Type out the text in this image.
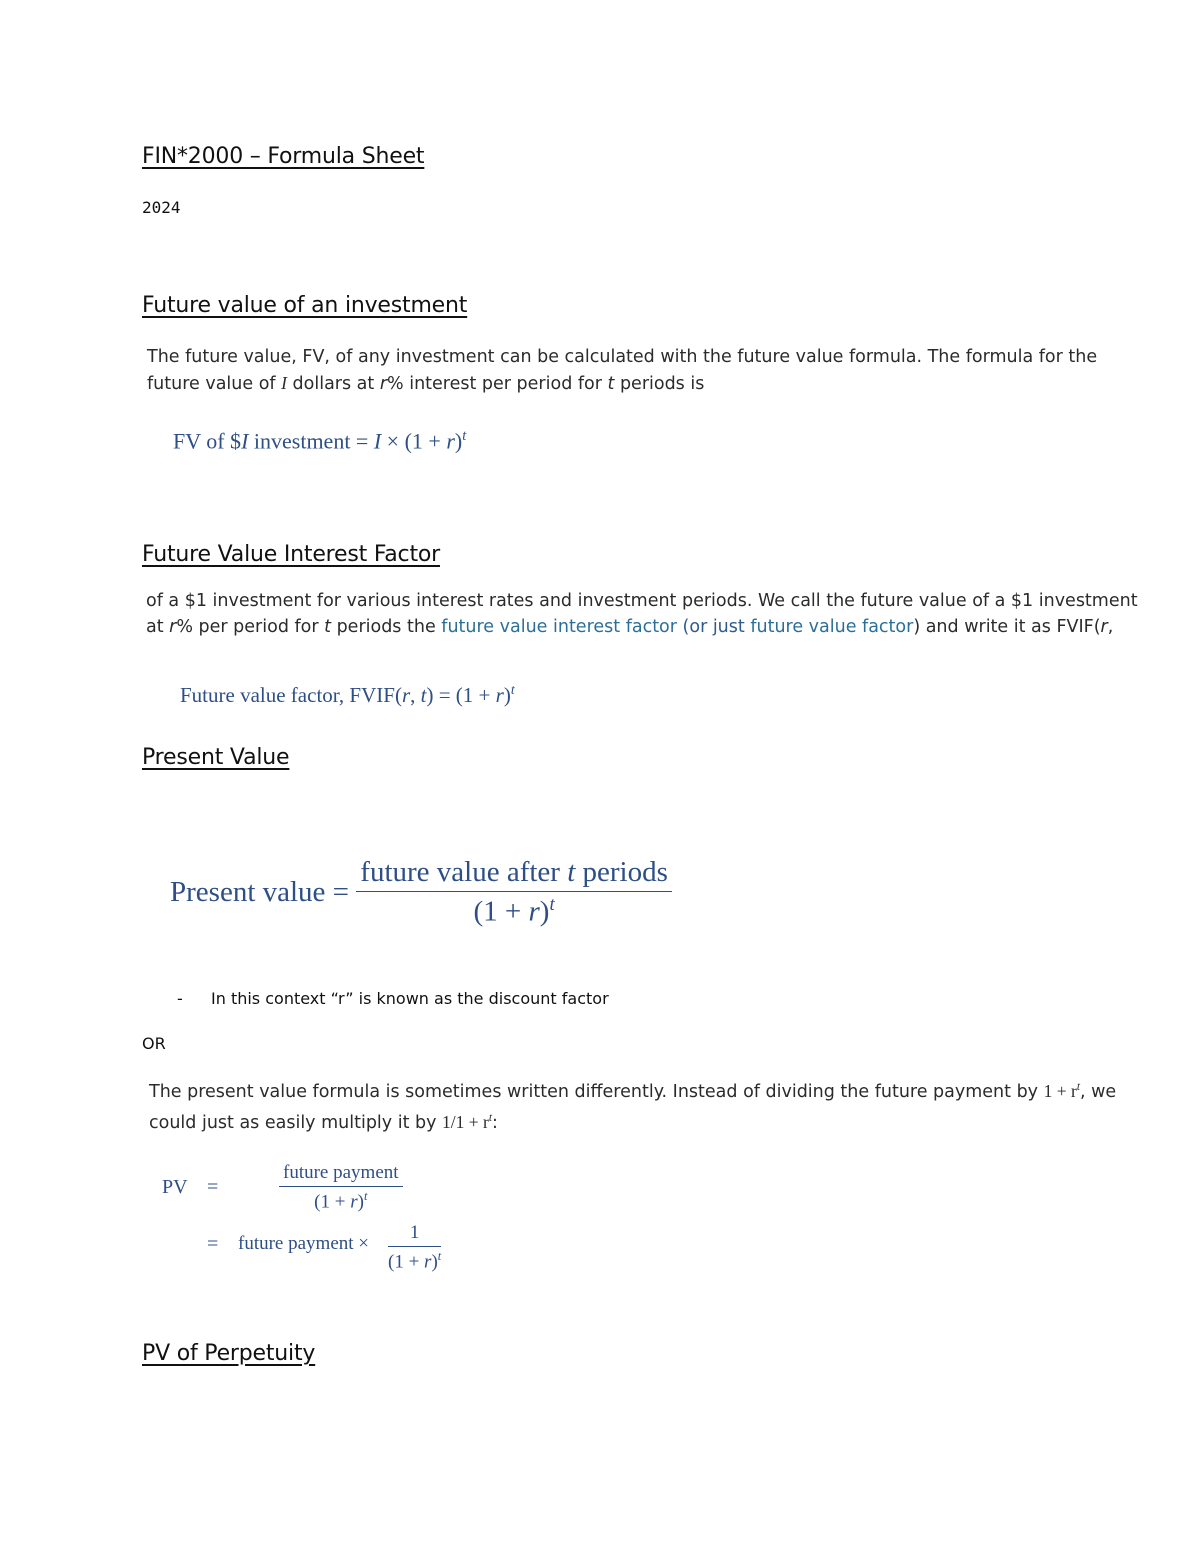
FIN*2000 – Formula Sheet
2024
Future value of an investment
The future value, FV, of any investment can be calculated with the future value formula. The formula for the
future value of I dollars at r% interest per period for t periods is
FV of $I investment = $I \times (1 + r)^t$
Future Value Interest Factor
of a $1 investment for various interest rates and investment periods. We call the future value of a $1 investment
at r% per period for t periods the future value interest factor (or just future value factor) and write it as FVIF(r,
Future value factor, FVIF(r, $t) = (1 + r)^t$
Present Value
Present value = $\frac{\text{future value after t periods}}{(1 + r)^t}$
- In this context “r” is known as the discount factor
OR
The present value formula is sometimes written differently. Instead of dividing the future payment by $1 + r^t$, we
could just as easily multiply it by $1/1 + r^t$:
PV =	$\frac{\text{future payment}}{(1 + r)^t}$
= future payment × $\frac{1}{(1 + r)^t}$
PV of Perpetuity
